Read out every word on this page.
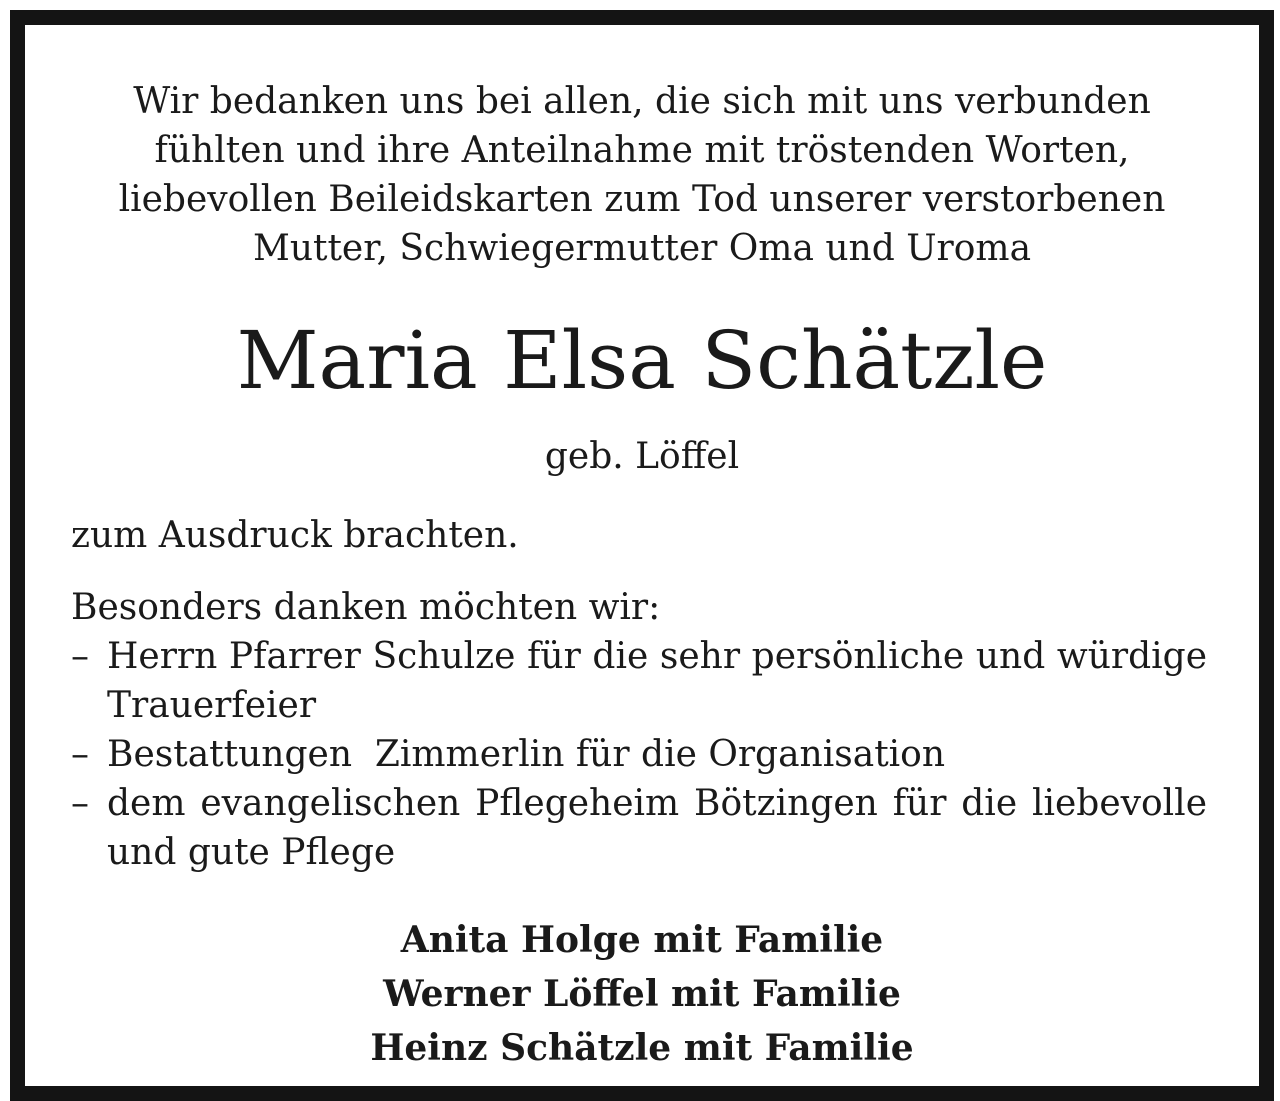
Wir bedanken uns bei allen, die sich mit uns verbunden
fühlten und ihre Anteilnahme mit tröstenden Worten,
liebevollen Beileidskarten zum Tod unserer verstorbenen
Mutter, Schwiegermutter Oma und Uroma
Maria Elsa Schätzle
geb. Löffel
zum Ausdruck brachten.
Besonders danken möchten wir:
– Herrn Pfarrer Schulze für die sehr persönliche und würdige Trauerfeier
– Bestattungen  Zimmerlin für die Organisation
– dem evangelischen Pflegeheim Bötzingen für die liebevolle und gute Pflege
Anita Holge mit Familie
Werner Löffel mit Familie
Heinz Schätzle mit Familie
